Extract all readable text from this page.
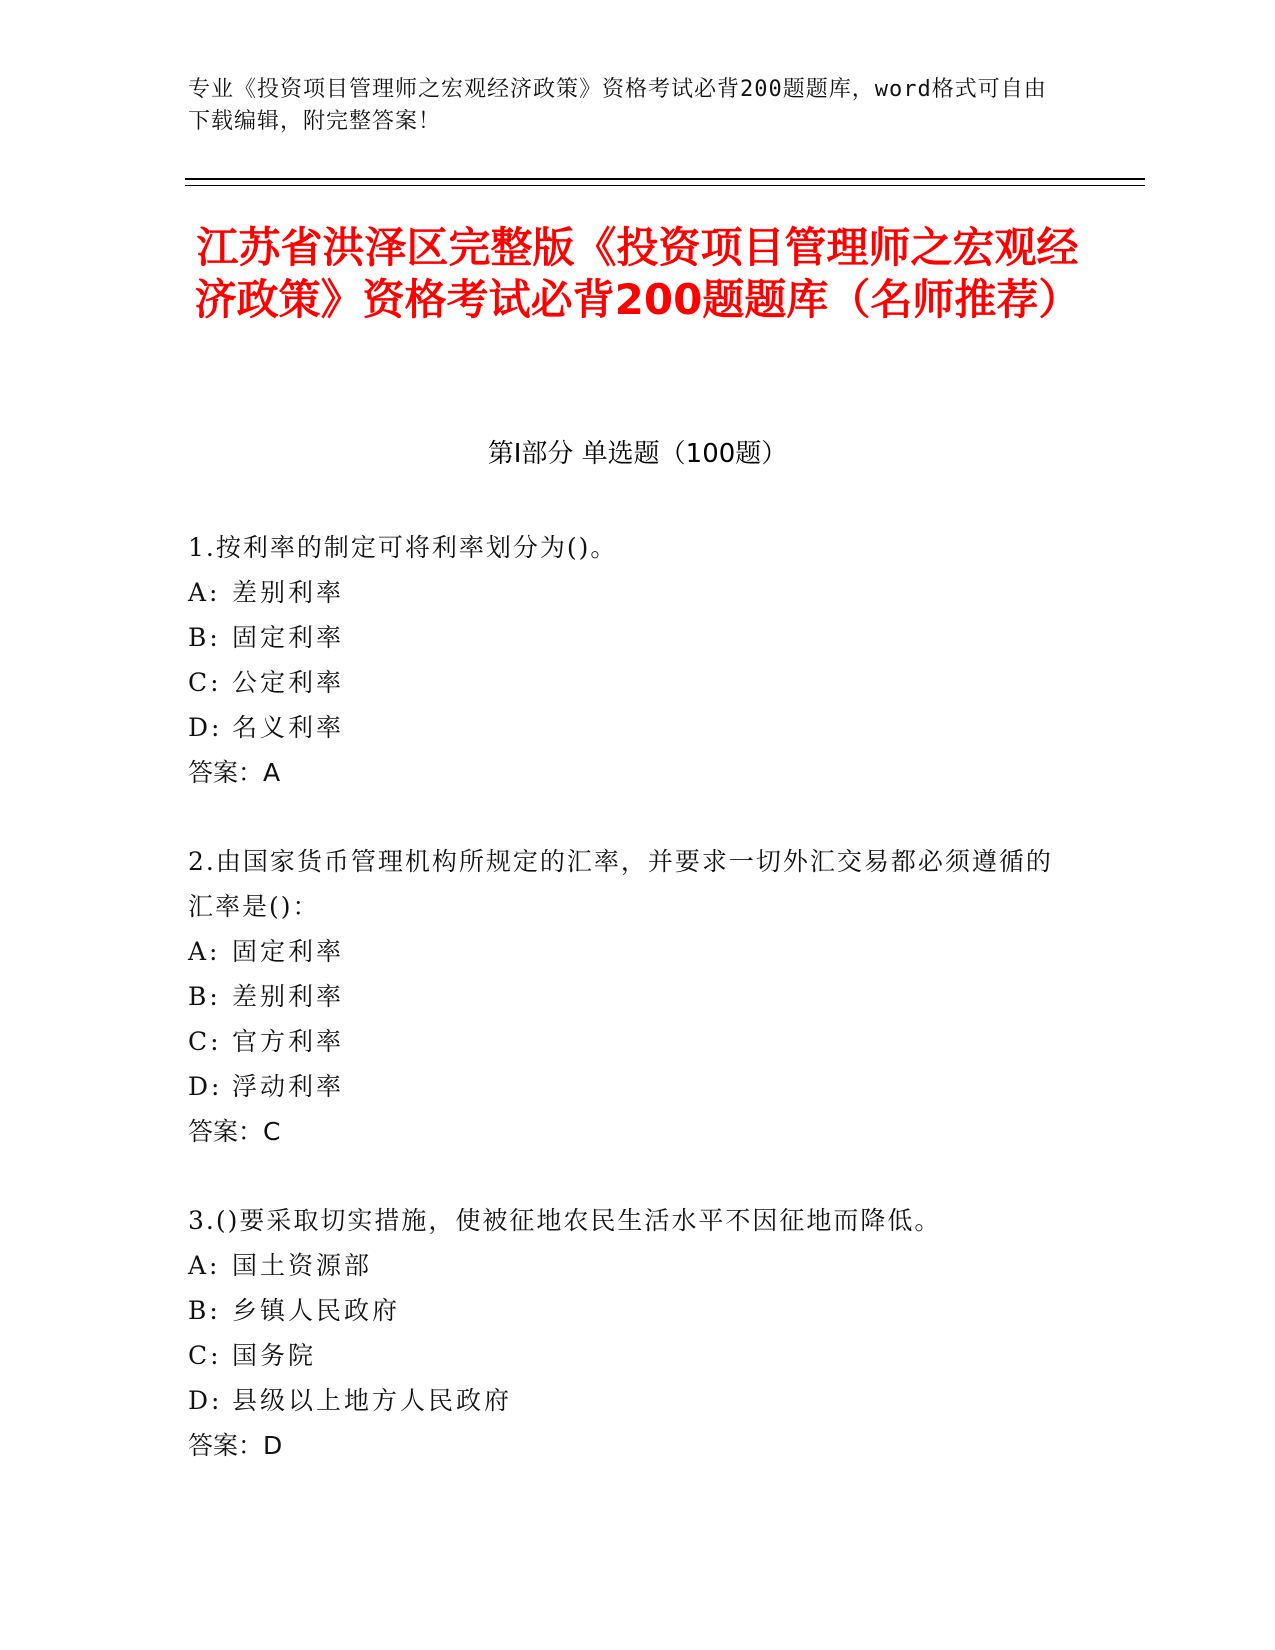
专业《投资项目管理师之宏观经济政策》资格考试必背200题题库，word格式可自由下载编辑，附完整答案！
江苏省洪泽区完整版《投资项目管理师之宏观经济政策》资格考试必背200题题库（名师推荐）
第I部分 单选题（100题）
1.按利率的制定可将利率划分为()。
A: 差别利率
B: 固定利率
C: 公定利率
D: 名义利率
答案：A
2.由国家货币管理机构所规定的汇率，并要求一切外汇交易都必须遵循的汇率是()：
A: 固定利率
B: 差别利率
C: 官方利率
D: 浮动利率
答案：C
3.()要采取切实措施，使被征地农民生活水平不因征地而降低。
A: 国土资源部
B: 乡镇人民政府
C: 国务院
D: 县级以上地方人民政府
答案：D
